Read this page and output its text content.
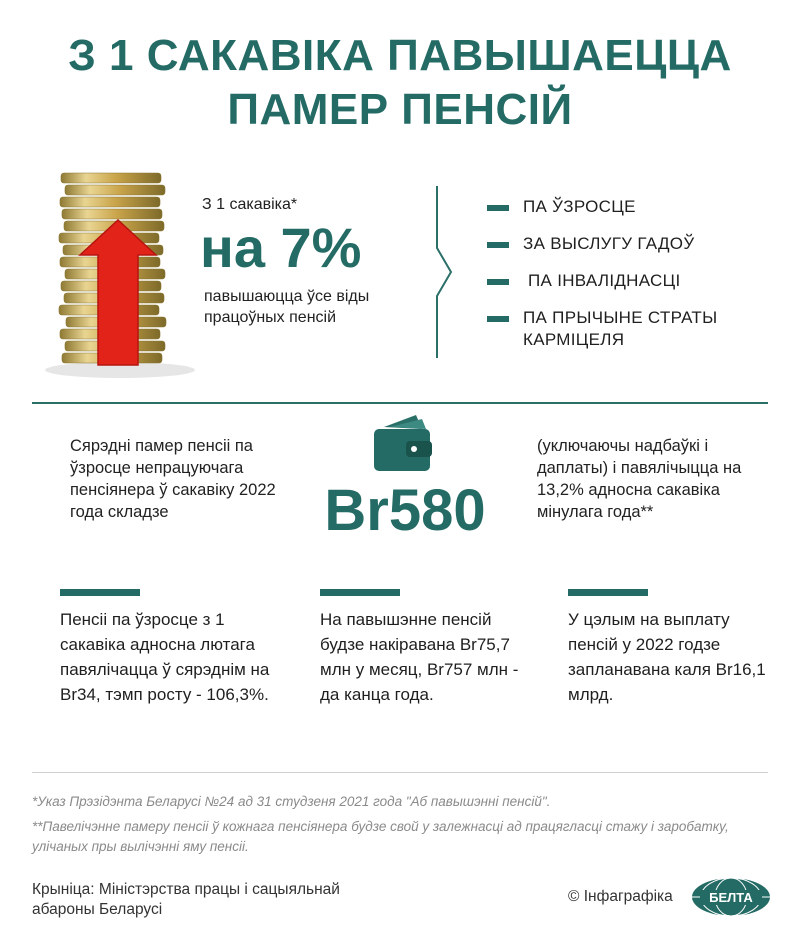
З 1 САКАВІКА ПАВЫШАЕЦЦА
ПАМЕР ПЕНСІЙ
З 1 сакавіка*
на 7%
павышаюцца ўсе віды працоўных пенсій
ПА ЎЗРОСЦЕ
ЗА ВЫСЛУГУ ГАДОЎ
ПА ІНВАЛІДНАСЦІ
ПА ПРЫЧЫНЕ СТРАТЫ КАРМІЦЕЛЯ
Сярэдні памер пенсіі па ўзросце непрацуючага пенсіянера ў сакавіку 2022 года складзе	Br580
(уключаючы надбаўкі і даплаты) і павялічыцца на 13,2% адносна сакавіка мінулага года**
Пенсіі па ўзросце з 1 сакавіка адносна лютага павялічацца ў сярэднім на Br34, тэмп росту - 106,3%.
На павышэнне пенсій будзе накіравана Br75,7 млн у месяц, Br757 млн - да канца года.
У цэлым на выплату пенсій у 2022 годзе запланавана каля Br16,1 млрд.
*Указ Прэзідэнта Беларусі №24 ад 31 студзеня 2021 года "Аб павышэнні пенсій".
**Павелічэнне памеру пенсіі ў кожнага пенсіянера будзе свой у залежнасці ад працягласці стажу і заробатку, улічаных пры вылічэнні яму пенсіі.
Крыніца: Міністэрства працы і сацыяльнай абароны Беларусі
© Інфаграфіка	БЕЛТА
